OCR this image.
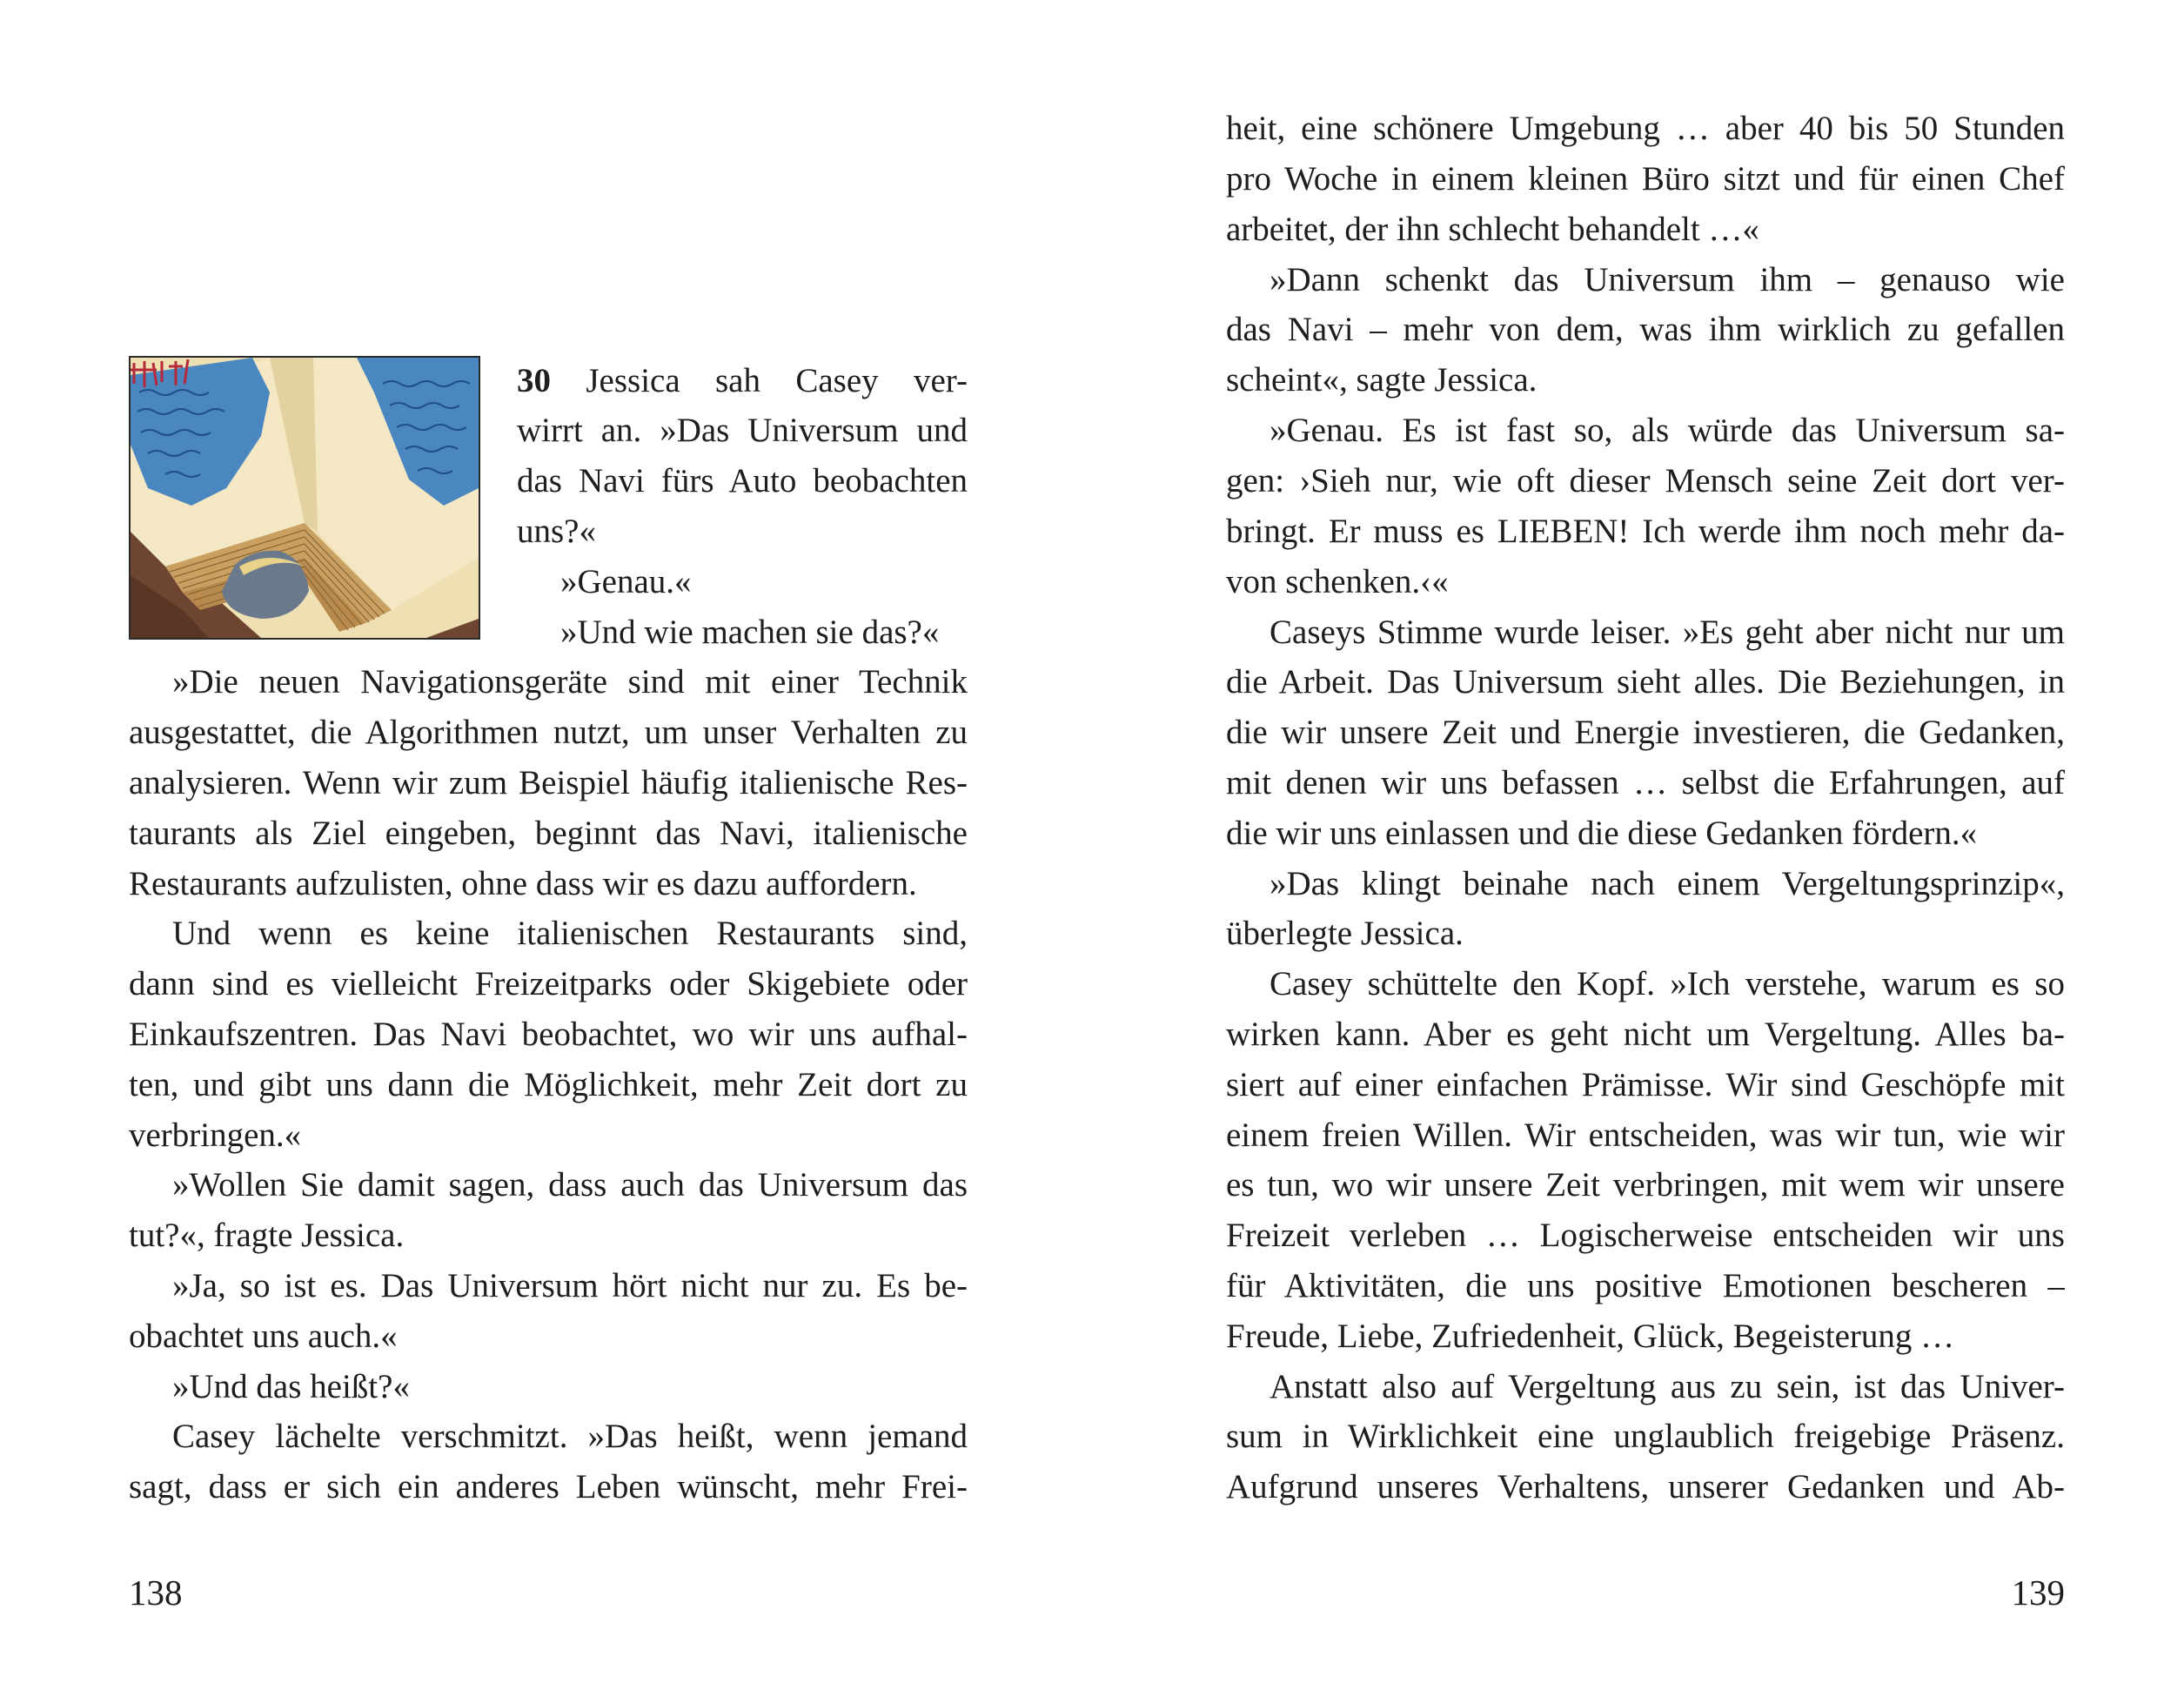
30 Jessica sah Casey ver-
wirrt an. »Das Universum und
das Navi fürs Auto beobachten
uns?«
»Genau.«
»Und wie machen sie das?«
»Die neuen Navigationsgeräte sind mit einer Technik
ausgestattet, die Algorithmen nutzt, um unser Verhalten zu
analysieren. Wenn wir zum Beispiel häufig italienische Res-
taurants als Ziel eingeben, beginnt das Navi, italienische
Restaurants aufzulisten, ohne dass wir es dazu auffordern.
Und wenn es keine italienischen Restaurants sind,
dann sind es vielleicht Freizeitparks oder Skigebiete oder
Einkaufszentren. Das Navi beobachtet, wo wir uns aufhal-
ten, und gibt uns dann die Möglichkeit, mehr Zeit dort zu
verbringen.«
»Wollen Sie damit sagen, dass auch das Universum das
tut?«, fragte Jessica.
»Ja, so ist es. Das Universum hört nicht nur zu. Es be-
obachtet uns auch.«
»Und das heißt?«
Casey lächelte verschmitzt. »Das heißt, wenn jemand
sagt, dass er sich ein anderes Leben wünscht, mehr Frei-
138
heit, eine schönere Umgebung … aber 40 bis 50 Stunden
pro Woche in einem kleinen Büro sitzt und für einen Chef
arbeitet, der ihn schlecht behandelt …«
»Dann schenkt das Universum ihm – genauso wie
das Navi – mehr von dem, was ihm wirklich zu gefallen
scheint«, sagte Jessica.
»Genau. Es ist fast so, als würde das Universum sa-
gen: ›Sieh nur, wie oft dieser Mensch seine Zeit dort ver-
bringt. Er muss es LIEBEN! Ich werde ihm noch mehr da-
von schenken.‹«
Caseys Stimme wurde leiser. »Es geht aber nicht nur um
die Arbeit. Das Universum sieht alles. Die Beziehungen, in
die wir unsere Zeit und Energie investieren, die Gedanken,
mit denen wir uns befassen … selbst die Erfahrungen, auf
die wir uns einlassen und die diese Gedanken fördern.«
»Das klingt beinahe nach einem Vergeltungsprinzip«,
überlegte Jessica.
Casey schüttelte den Kopf. »Ich verstehe, warum es so
wirken kann. Aber es geht nicht um Vergeltung. Alles ba-
siert auf einer einfachen Prämisse. Wir sind Geschöpfe mit
einem freien Willen. Wir entscheiden, was wir tun, wie wir
es tun, wo wir unsere Zeit verbringen, mit wem wir unsere
Freizeit verleben … Logischerweise entscheiden wir uns
für Aktivitäten, die uns positive Emotionen bescheren –
Freude, Liebe, Zufriedenheit, Glück, Begeisterung …
Anstatt also auf Vergeltung aus zu sein, ist das Univer-
sum in Wirklichkeit eine unglaublich freigebige Präsenz.
Aufgrund unseres Verhaltens, unserer Gedanken und Ab-
139
